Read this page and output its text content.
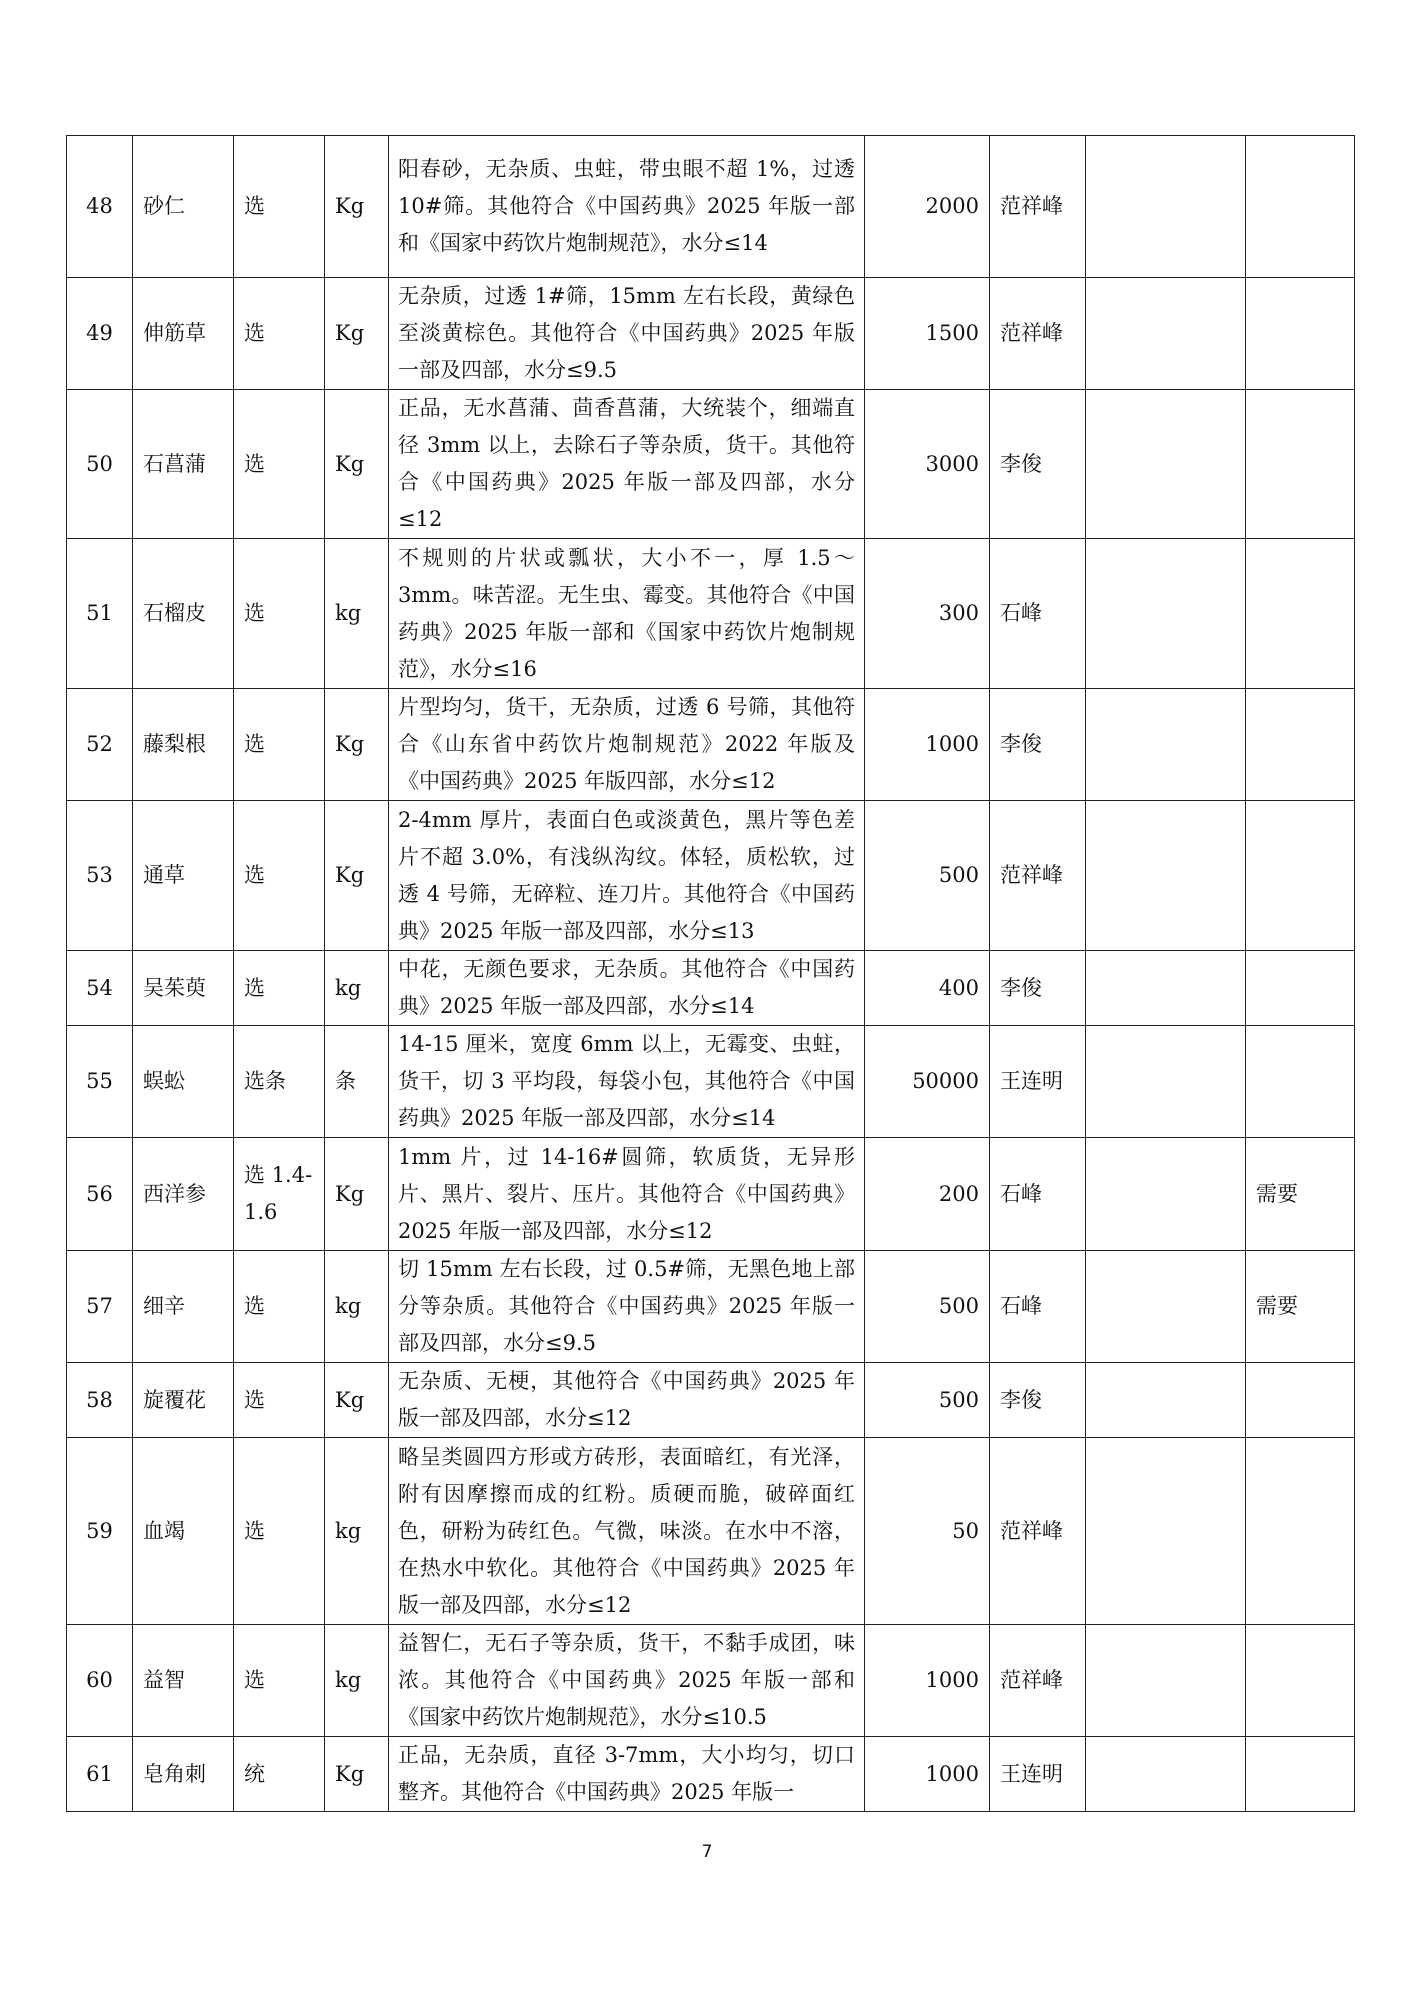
48	砂仁	选	Kg	阳春砂，无杂质、虫蛀，带虫眼不超 1%，过透 10#筛。其他符合《中国药典》2025 年版一部和《国家中药饮片炮制规范》，水分≤14	2000	范祥峰		
49	伸筋草	选	Kg	无杂质，过透 1#筛，15mm 左右长段，黄绿色至淡黄棕色。其他符合《中国药典》2025 年版一部及四部，水分≤9.5	1500	范祥峰		
50	石菖蒲	选	Kg	正品，无水菖蒲、茴香菖蒲，大统装个，细端直径 3mm 以上，去除石子等杂质，货干。其他符合《中国药典》2025 年版一部及四部，水分≤12	3000	李俊		
51	石榴皮	选	kg	不规则的片状或瓢状，大小不一，厚 1.5～3mm。味苦涩。无生虫、霉变。其他符合《中国药典》2025 年版一部和《国家中药饮片炮制规范》，水分≤16	300	石峰		
52	藤梨根	选	Kg	片型均匀，货干，无杂质，过透 6 号筛，其他符合《山东省中药饮片炮制规范》2022 年版及《中国药典》2025 年版四部，水分≤12	1000	李俊		
53	通草	选	Kg	2-4mm 厚片，表面白色或淡黄色，黑片等色差片不超 3.0%，有浅纵沟纹。体轻，质松软，过透 4 号筛，无碎粒、连刀片。其他符合《中国药典》2025 年版一部及四部，水分≤13	500	范祥峰		
54	吴茱萸	选	kg	中花，无颜色要求，无杂质。其他符合《中国药典》2025 年版一部及四部，水分≤14	400	李俊		
55	蜈蚣	选条	条	14-15 厘米，宽度 6mm 以上，无霉变、虫蛀，货干，切 3 平均段，每袋小包，其他符合《中国药典》2025 年版一部及四部，水分≤14	50000	王连明		
56	西洋参	选 1.4-1.6	Kg	1mm 片，过 14-16#圆筛，软质货，无异形片、黑片、裂片、压片。其他符合《中国药典》2025 年版一部及四部，水分≤12	200	石峰		需要
57	细辛	选	kg	切 15mm 左右长段，过 0.5#筛，无黑色地上部分等杂质。其他符合《中国药典》2025 年版一部及四部，水分≤9.5	500	石峰		需要
58	旋覆花	选	Kg	无杂质、无梗，其他符合《中国药典》2025 年版一部及四部，水分≤12	500	李俊		
59	血竭	选	kg	略呈类圆四方形或方砖形，表面暗红，有光泽，附有因摩擦而成的红粉。质硬而脆，破碎面红色，研粉为砖红色。气微，味淡。在水中不溶，在热水中软化。其他符合《中国药典》2025 年版一部及四部，水分≤12	50	范祥峰		
60	益智	选	kg	益智仁，无石子等杂质，货干，不黏手成团，味浓。其他符合《中国药典》2025 年版一部和《国家中药饮片炮制规范》，水分≤10.5	1000	范祥峰		
61	皂角刺	统	Kg	正品，无杂质，直径 3-7mm，大小均匀，切口整齐。其他符合《中国药典》2025 年版一	1000	王连明		
7
